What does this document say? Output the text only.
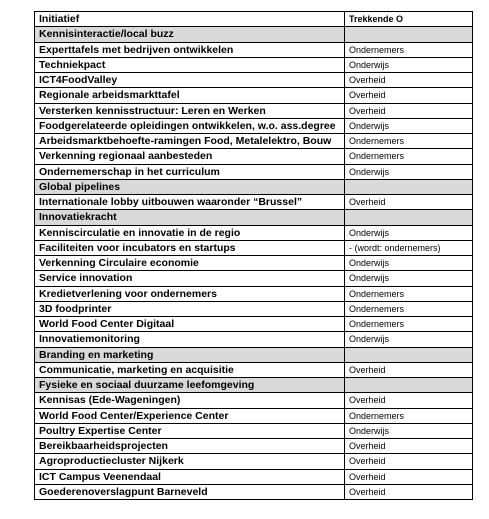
Initiatief	Trekkende O
Kennisinteractie/local buzz	
Experttafels met bedrijven ontwikkelen	Ondernemers
Techniekpact	Onderwijs
ICT4FoodValley	Overheid
Regionale arbeidsmarkttafel	Overheid
Versterken kennisstructuur: Leren en Werken	Overheid
Foodgerelateerde opleidingen ontwikkelen, w.o. ass.degree	Onderwijs
Arbeidsmarktbehoefte-ramingen Food, Metalelektro, Bouw	Ondernemers
Verkenning regionaal aanbesteden	Ondernemers
Ondernemerschap in het curriculum	Onderwijs
Global pipelines	
Internationale lobby uitbouwen waaronder “Brussel”	Overheid
Innovatiekracht	
Kenniscirculatie en innovatie in de regio	Onderwijs
Faciliteiten voor incubators en startups	- (wordt: ondernemers)
Verkenning Circulaire economie	Onderwijs
Service innovation	Onderwijs
Kredietverlening voor ondernemers	Ondernemers
3D foodprinter	Ondernemers
World Food Center Digitaal	Ondernemers
Innovatiemonitoring	Onderwijs
Branding en marketing	
Communicatie, marketing en acquisitie	Overheid
Fysieke en sociaal duurzame leefomgeving	
Kennisas (Ede-Wageningen)	Overheid
World Food Center/Experience Center	Ondernemers
Poultry Expertise Center	Onderwijs
Bereikbaarheidsprojecten	Overheid
Agroproductiecluster Nijkerk	Overheid
ICT Campus Veenendaal	Overheid
Goederenoverslagpunt Barneveld	Overheid
